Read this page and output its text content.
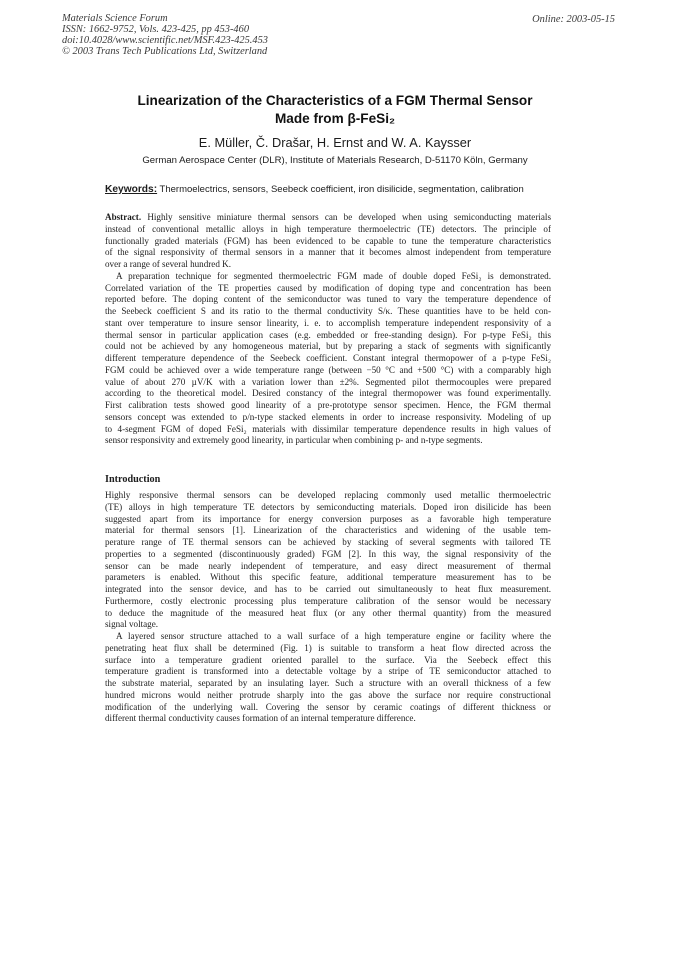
Materials Science Forum
ISSN: 1662-9752, Vols. 423-425, pp 453-460
doi:10.4028/www.scientific.net/MSF.423-425.453
© 2003 Trans Tech Publications Ltd, Switzerland
Online: 2003-05-15
Linearization of the Characteristics of a FGM Thermal Sensor
Made from β-FeSi₂
E. Müller, Č. Drašar, H. Ernst and W. A. Kaysser
German Aerospace Center (DLR), Institute of Materials Research, D-51170 Köln, Germany
Keywords: Thermoelectrics, sensors, Seebeck coefficient, iron disilicide, segmentation, calibration
Abstract. Highly sensitive miniature thermal sensors can be developed when using semiconducting materials
instead of conventional metallic alloys in high temperature thermoelectric (TE) detectors. The principle of
functionally graded materials (FGM) has been evidenced to be capable to tune the temperature characteristics
of the signal responsivity of thermal sensors in a manner that it becomes almost independent from temperature
over a range of several hundred K.
A preparation technique for segmented thermoelectric FGM made of double doped FeSi₂ is demonstrated.
Correlated variation of the TE properties caused by modification of doping type and concentration has been
reported before. The doping content of the semiconductor was tuned to vary the temperature dependence of
the Seebeck coefficient S and its ratio to the thermal conductivity S/κ. These quantities have to be held con-
stant over temperature to insure sensor linearity, i. e. to accomplish temperature independent responsivity of a
thermal sensor in particular application cases (e.g. embedded or free-standing design). For p-type FeSi₂ this
could not be achieved by any homogeneous material, but by preparing a stack of segments with significantly
different temperature dependence of the Seebeck coefficient. Constant integral thermopower of a p-type FeSi₂
FGM could be achieved over a wide temperature range (between −50 °C and +500 °C) with a comparably high
value of about 270 µV/K with a variation lower than ±2%. Segmented pilot thermocouples were prepared
according to the theoretical model. Desired constancy of the integral thermopower was found experimentally.
First calibration tests showed good linearity of a pre-prototype sensor specimen. Hence, the FGM thermal
sensors concept was extended to p/n-type stacked elements in order to increase responsivity. Modeling of up
to 4-segment FGM of doped FeSi₂ materials with dissimilar temperature dependence results in high values of
sensor responsivity and extremely good linearity, in particular when combining p- and n-type segments.
Introduction
Highly responsive thermal sensors can be developed replacing commonly used metallic thermoelectric
(TE) alloys in high temperature TE detectors by semiconducting materials. Doped iron disilicide has been
suggested apart from its importance for energy conversion purposes as a favorable high temperature
material for thermal sensors [1]. Linearization of the characteristics and widening of the usable tem-
perature range of TE thermal sensors can be achieved by stacking of several segments with tailored TE
properties to a segmented (discontinuously graded) FGM [2]. In this way, the signal responsivity of the
sensor can be made nearly independent of temperature, and easy direct measurement of thermal
parameters is enabled. Without this specific feature, additional temperature measurement has to be
integrated into the sensor device, and has to be carried out simultaneously to heat flux measurement.
Furthermore, costly electronic processing plus temperature calibration of the sensor would be necessary
to deduce the magnitude of the measured heat flux (or any other thermal quantity) from the measured
signal voltage.
A layered sensor structure attached to a wall surface of a high temperature engine or facility where the
penetrating heat flux shall be determined (Fig. 1) is suitable to transform a heat flow directed across the
surface into a temperature gradient oriented parallel to the surface. Via the Seebeck effect this
temperature gradient is transformed into a detectable voltage by a stripe of TE semiconductor attached to
the substrate material, separated by an insulating layer. Such a structure with an overall thickness of a few
hundred microns would neither protrude sharply into the gas above the surface nor require constructional
modification of the underlying wall. Covering the sensor by ceramic coatings of different thickness or
different thermal conductivity causes formation of an internal temperature difference.
